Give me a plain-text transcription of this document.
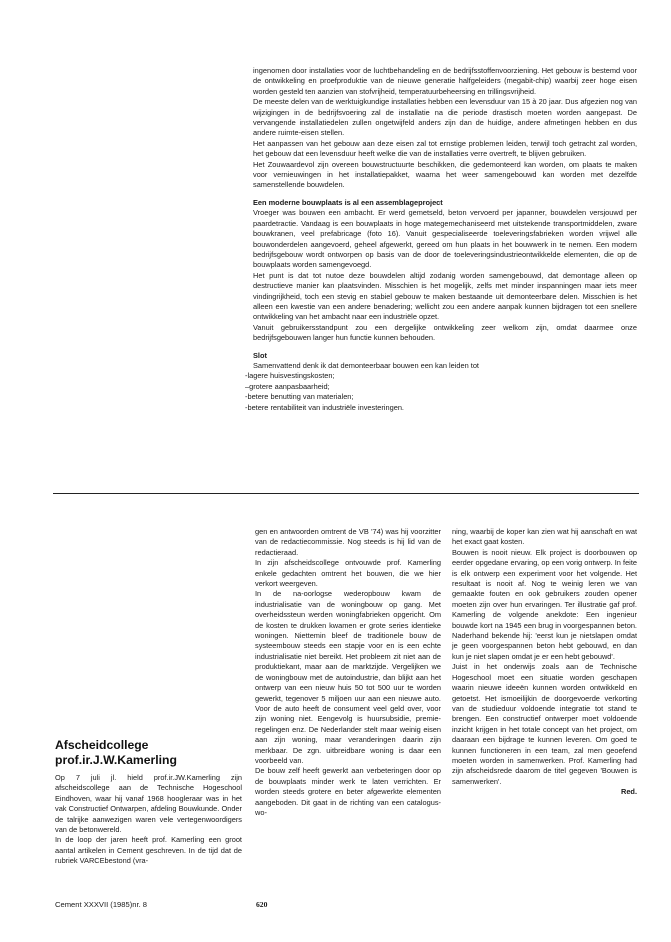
ingenomen door installaties voor de luchtbehandeling en de bedrijfsstoffenvoorziening. Het gebouw is bestemd voor de ontwikkeling en proefproduktie van de nieuwe generatie halfgeleiders (megabit-chip) waarbij zeer hoge eisen worden gesteld ten aanzien van stofvrijheid, temperatuurbeheersing en trillingsvrijheid.

De meeste delen van de werktuigkundige installaties hebben een levensduur van 15 à 20 jaar. Dus afgezien nog van wijzigingen in de bedrijfsvoering zal de installatie na die periode drastisch moeten worden aangepast. De vervangende installatiedelen zullen ongetwijfeld anders zijn dan de huidige, andere afmetingen hebben en dus andere ruimte-eisen stellen.

Het aanpassen van het gebouw aan deze eisen zal tot ernstige problemen leiden, terwijl toch getracht zal worden, het gebouw dat een levensduur heeft welke die van de installaties verre overtreft, te blijven gebruiken.

Het Zouwaardevol zijn overeen bouwstructuurte beschikken, die gedemonteerd kan worden, om plaats te maken voor vernieuwingen in het installatiepakket, waarna het weer samengebouwd kan worden met dezelfde samenstellende bouwdelen.

Een moderne bouwplaats is al een assemblageproject

Vroeger was bouwen een ambacht. Er werd gemetseld, beton vervoerd per japanner, bouwdelen versjouwd per paardetractie. Vandaag is een bouwplaats in hoge mategemechaniseerd met uitstekende transportmiddelen, zware bouwkranen, veel prefabricage (foto 16). Vanuit gespecialiseerde toeleveringsfabrieken worden vrijwel alle bouwonderdelen aangevoerd, geheel afgewerkt, gereed om hun plaats in het bouwwerk in te nemen. Een modern bedrijfsgebouw wordt ontworpen op basis van de door de toeleveringsindustrieontwikkelde elementen, die op de bouwplaats worden samengevoegd.

Het punt is dat tot nutoe deze bouwdelen altijd zodanig worden samengebouwd, dat demontage alleen op destructieve manier kan plaatsvinden. Misschien is het mogelijk, zelfs met minder inspanningen maar iets meer vindingrijkheid, toch een stevig en stabiel gebouw te maken bestaande uit demonteerbare delen. Misschien is het alleen een kwestie van een andere benadering; wellicht zou een andere aanpak kunnen bijdragen tot een snellere ontwikkeling van het ambacht naar een industriële opzet.

Vanuit gebruikersstandpunt zou een dergelijke ontwikkeling zeer welkom zijn, omdat daarmee onze bedrijfsgebouwen langer hun functie kunnen behouden.

Slot

Samenvattend denk ik dat demonteerbaar bouwen een kan leiden tot

-lagere huisvestingskosten;
–grotere aanpasbaarheid;
-betere benutting van materialen;
-betere rentabiliteit van industriële investeringen.
Afscheidcollege
prof.ir.J.W.Kamerling

Op 7 juli jl. hield prof.ir.JW.Kamerling zijn afscheidscollege aan de Technische Hogeschool Eindhoven, waar hij vanaf 1968 hoogleraar was in het vak Constructief Ontwarpen, afdeling Bouwkunde. Onder de talrijke aanwezigen waren vele vertegenwoordigers van de betonwereld.

In de loop der jaren heeft prof. Kamerling een groot aantal artikelen in Cement geschreven. In de tijd dat de rubriek VARCEbestond (vra-

gen en antwoorden omtrent de VB '74) was hij voorzitter van de redactiecommissie. Nog steeds is hij lid van de redactieraad.

In zijn afscheidscollege ontvouwde prof. Kamerling enkele gedachten omtrent het bouwen, die we hier verkort weergeven.

In de na-oorlogse wederopbouw kwam de industrialisatie van de woningbouw op gang. Met overheidssteun werden woningfabrieken opgericht. Om de kosten te drukken kwamen er grote series identieke woningen. Niettemin bleef de traditionele bouw de systeembouw steeds een stapje voor en is een echte industrialisatie niet bereikt. Het probleem zit niet aan de produktiekant, maar aan de marktzijde. Vergelijken we de woningbouw met de autoindustrie, dan blijkt aan het ontwerp van een nieuw huis 50 tot 500 uur te worden gewerkt, tegenover 5 miljoen uur aan een nieuwe auto. Voor de auto heeft de consument veel geld over, voor zijn woning niet. Eengevolg is huursubsidie, premie-regelingen enz. De Nederlander stelt maar weinig eisen aan zijn woning, maar veranderingen daarin zijn merkbaar. De zgn. uitbreidbare woning is daar een voorbeeld van.

De bouw zelf heeft gewerkt aan verbeteringen door op de bouwplaats minder werk te laten verrichten. Er worden steeds grotere en beter afgewerkte elementen aangeboden. Dit gaat in de richting van een catalogus-wo-

ning, waarbij de koper kan zien wat hij aanschaft en wat het exact gaat kosten.

Bouwen is nooit nieuw. Elk project is doorbouwen op eerder opgedane ervaring, op een vorig ontwerp. In feite is elk ontwerp een experiment voor het volgende. Het resultaat is nooit af. Nog te weinig leren we van gemaakte fouten en ook gebruikers zouden opener moeten zijn over hun ervaringen. Ter illustratie gaf prof. Kamerling de volgende anekdote: Een ingenieur bouwde kort na 1945 een brug in voorgespannen beton. Naderhand bekende hij: 'eerst kun je nietslapen omdat je geen voorgespannen beton hebt gebouwd, en dan kun je niet slapen omdat je er een hebt gebouwd'.

Juist in het onderwijs zoals aan de Technische Hogeschool moet een situatie worden geschapen waarin nieuwe ideeën kunnen worden ontwikkeld en getoetst. Het ismoeilijkin de doorgevoerde verkorting van de studieduur voldoende integratie tot stand te brengen. Een constructief ontwerper moet voldoende inzicht krijgen in het totale concept van het project, om daaraan een bijdrage te kunnen leveren. Om goed te kunnen functioneren in een team, zal men geoefend moeten worden in samenwerken. Prof. Kamerling had zijn afscheidsrede daarom de titel gegeven 'Bouwen is samenwerken'.

Red.

Cement XXXVII (1985)nr. 8	620
